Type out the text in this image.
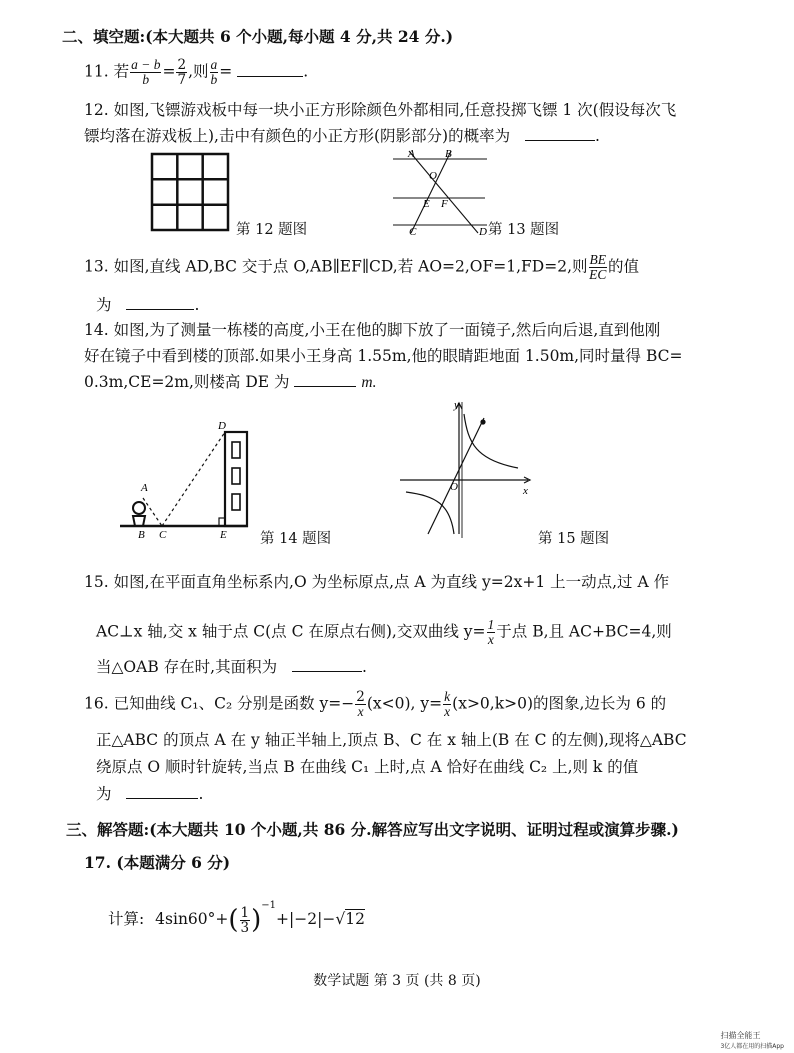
二、填空题:(本大题共 6 个小题,每小题 4 分,共 24 分.)
11. 若 $\frac{a - b}{b} = \frac{2}{7}$ ,则 $\frac{a}{b}$ =	.
12. 如图,飞镖游戏板中每一块小正方形除颜色外都相同,任意投掷飞镖 1 次(假设每次飞
镖均落在游戏板上),击中有颜色的小正方形(阴影部分)的概率为	.
第 12 题图
A	B
O
E F
C	D 第 13 题图
13. 如图,直线 AD,BC 交于点 O,AB∥EF∥CD,若 AO=2,OF=1,FD=2,则 $\frac{BE}{EC}$ 的值
为	.
14. 如图,为了测量一栋楼的高度,小王在他的脚下放了一面镜子,然后向后退,直到他刚
好在镜子中看到楼的顶部.如果小王身高 1.55m,他的眼睛距地面 1.50m,同时量得 BC=
0.3m,CE=2m,则楼高 DE 为	m.
A
D
B C	E 第 14 题图
y
x
O
第 15 题图
15. 如图,在平面直角坐标系内,O 为坐标原点,点 A 为直线 y=2x+1 上一动点,过 A 作
AC⊥x 轴,交 x 轴于点 C(点 C 在原点右侧),交双曲线 $y= \frac{1}{x}$ 于点 B,且 AC+BC=4,则
当△OAB 存在时,其面积为	.
16. 已知曲线 C₁、C₂ 分别是函数 $y=- \frac{2}{x} (x<0)$, $y= \frac{k}{x} (x>0,k>0)$的图象,边长为 6 的
正△ABC 的顶点 A 在 y 轴正半轴上,顶点 B、C 在 x 轴上(B 在 C 的左侧),现将△ABC
绕原点 O 顺时针旋转,当点 B 在曲线 C₁ 上时,点 A 恰好在曲线 C₂ 上,则 k 的值
为	.
三、解答题:(本大题共 10 个小题,共 86 分.解答应写出文字说明、证明过程或演算步骤.)
17. (本题满分 6 分)
计算: $4\sin 60^\circ+( \frac{1}{3} )^{-1}+|-2|-√12$
数学试题 第 3 页 (共 8 页)
扫描全能王
3亿人都在用的扫描App
